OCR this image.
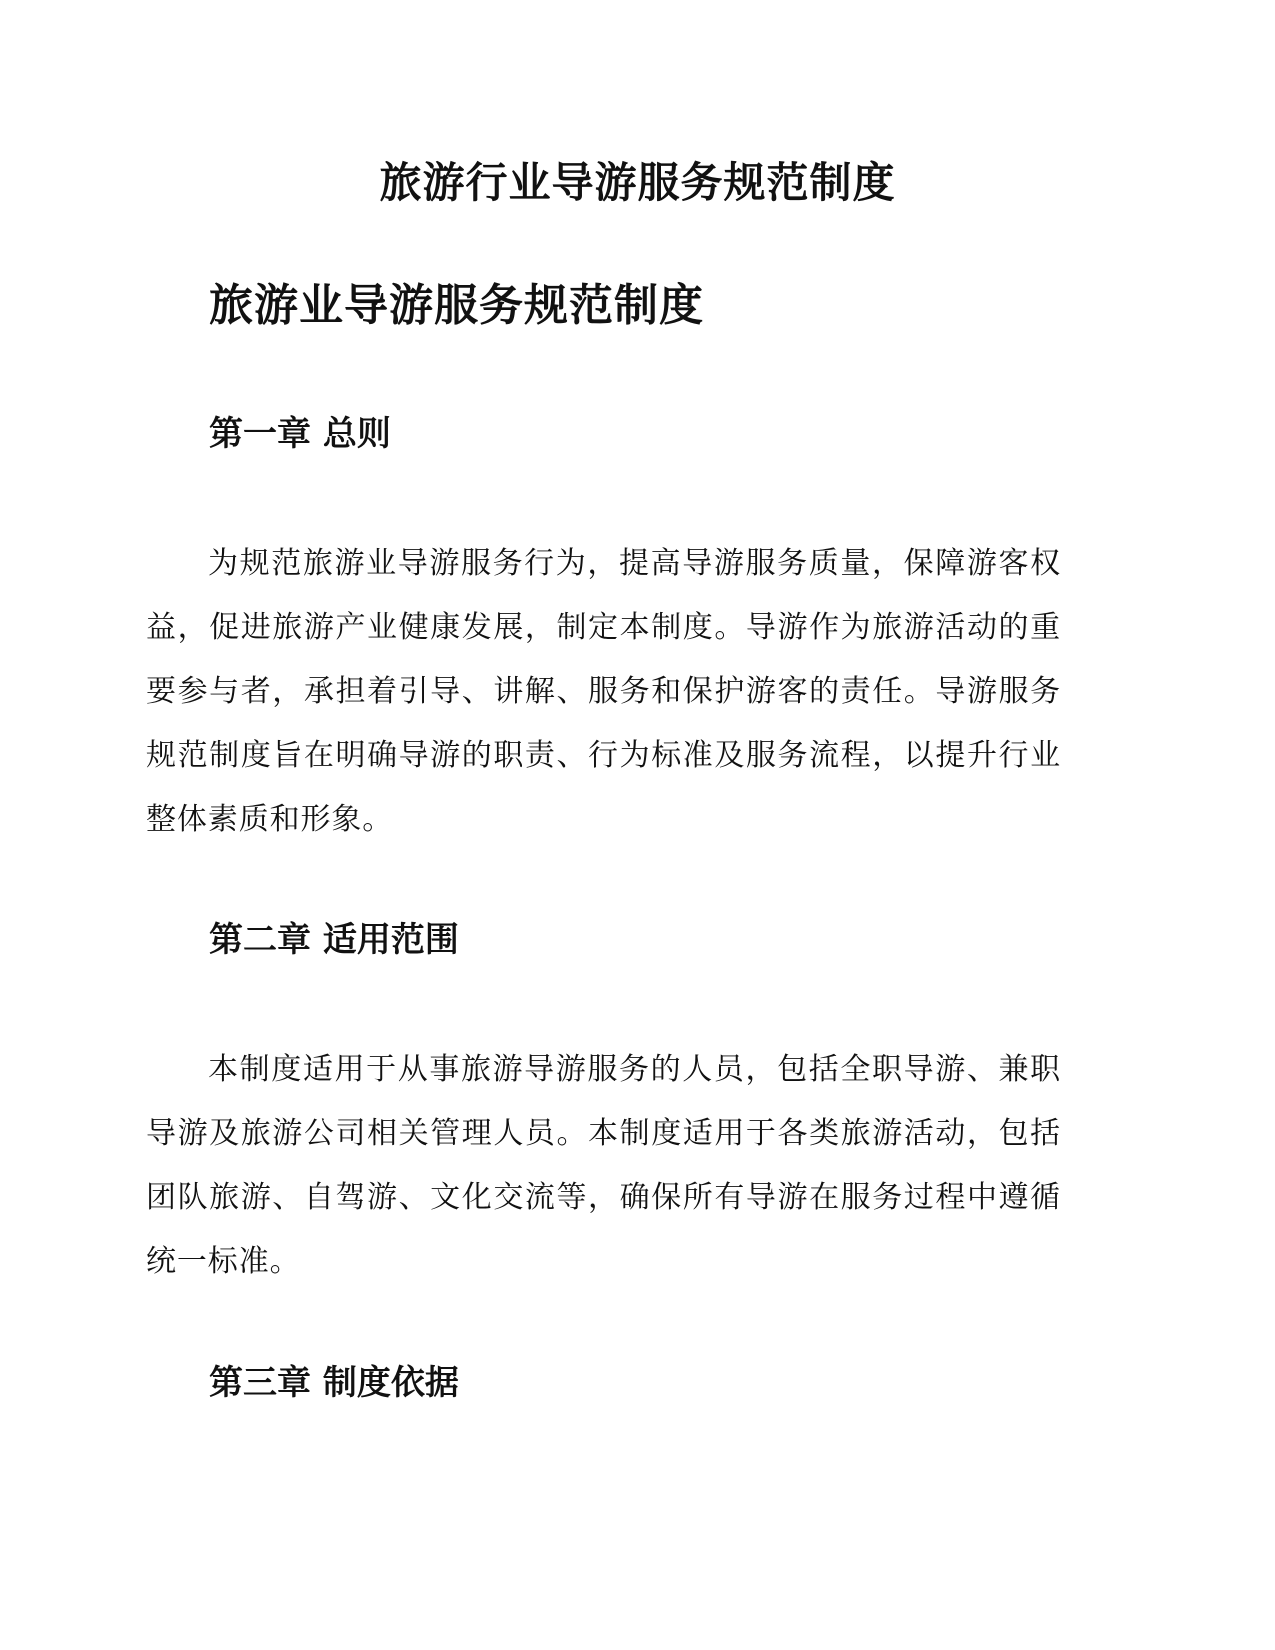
旅游行业导游服务规范制度
旅游业导游服务规范制度
第一章 总则

为规范旅游业导游服务行为，提高导游服务质量，保障游客权益，促进旅游产业健康发展，制定本制度。导游作为旅游活动的重要参与者，承担着引导、讲解、服务和保护游客的责任。导游服务规范制度旨在明确导游的职责、行为标准及服务流程，以提升行业整体素质和形象。

第二章 适用范围

本制度适用于从事旅游导游服务的人员，包括全职导游、兼职导游及旅游公司相关管理人员。本制度适用于各类旅游活动，包括团队旅游、自驾游、文化交流等，确保所有导游在服务过程中遵循统一标准。

第三章 制度依据
